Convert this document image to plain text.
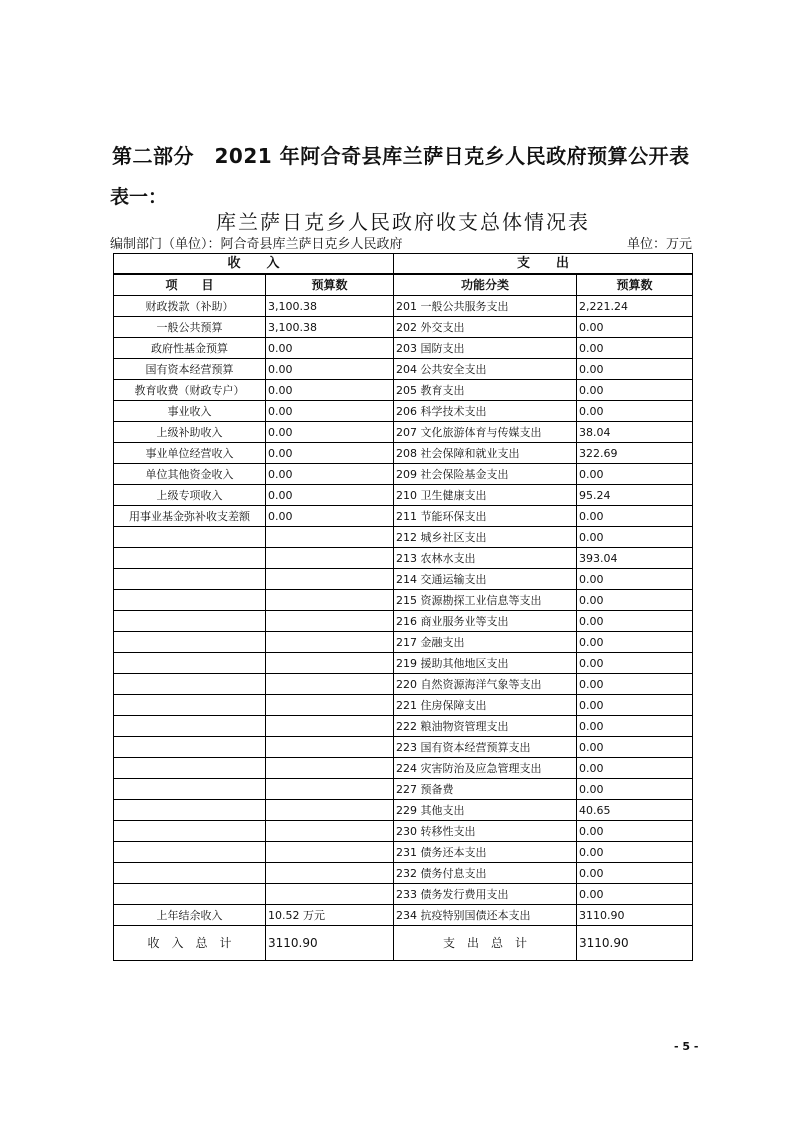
第二部分　2021 年阿合奇县库兰萨日克乡人民政府预算公开表
表一：
库兰萨日克乡人民政府收支总体情况表
编制部门（单位）：阿合奇县库兰萨日克乡人民政府	单位：万元
收　　入		支　　出	
项　　目	预算数	功能分类	预算数
财政拨款（补助）	3,100.38	201 一般公共服务支出	2,221.24
一般公共预算	3,100.38	202 外交支出	0.00
政府性基金预算	0.00	203 国防支出	0.00
国有资本经营预算	0.00	204 公共安全支出	0.00
教育收费（财政专户）	0.00	205 教育支出	0.00
事业收入	0.00	206 科学技术支出	0.00
上级补助收入	0.00	207 文化旅游体育与传媒支出	38.04
事业单位经营收入	0.00	208 社会保障和就业支出	322.69
单位其他资金收入	0.00	209 社会保险基金支出	0.00
上级专项收入	0.00	210 卫生健康支出	95.24
用事业基金弥补收支差额	0.00	211 节能环保支出	0.00
		212 城乡社区支出	0.00
		213 农林水支出	393.04
		214 交通运输支出	0.00
		215 资源勘探工业信息等支出	0.00
		216 商业服务业等支出	0.00
		217 金融支出	0.00
		219 援助其他地区支出	0.00
		220 自然资源海洋气象等支出	0.00
		221 住房保障支出	0.00
		222 粮油物资管理支出	0.00
		223 国有资本经营预算支出	0.00
		224 灾害防治及应急管理支出	0.00
		227 预备费	0.00
		229 其他支出	40.65
		230 转移性支出	0.00
		231 债务还本支出	0.00
		232 债务付息支出	0.00
		233 债务发行费用支出	0.00
上年结余收入	10.52 万元	234 抗疫特别国债还本支出	3110.90
收　入　总　计	3110.90	支　出　总　计	3110.90
- 5 -
